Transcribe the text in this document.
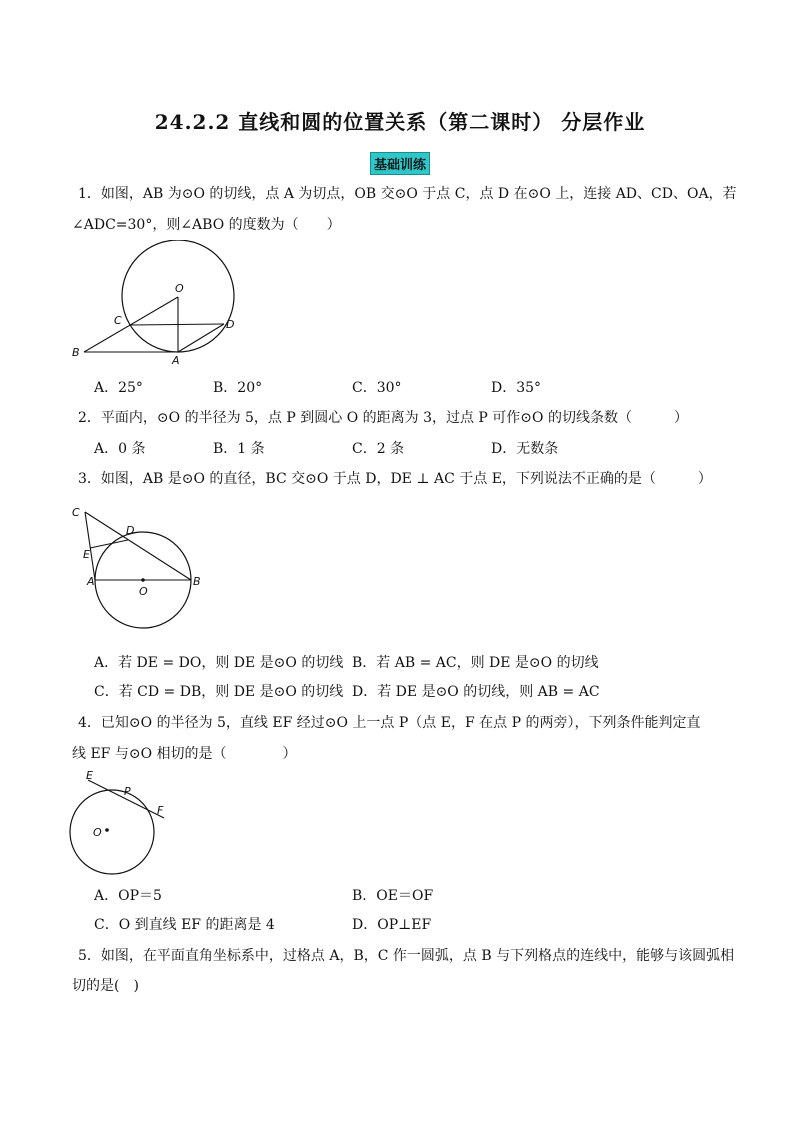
24.2.2 直线和圆的位置关系（第二课时） 分层作业
基础训练
1．如图，AB 为⊙O 的切线，点 A 为切点，OB 交⊙O 于点 C，点 D 在⊙O 上，连接 AD、CD、OA，若
∠ADC=30°，则∠ABO 的度数为（　　）
O
C	D
B
A
A．25°	B．20°	C．30°	D．35°
2．平面内，⊙O 的半径为 5，点 P 到圆心 O 的距离为 3，过点 P 可作⊙O 的切线条数（　　　）
A．0 条	B．1 条	C．2 条	D．无数条
3．如图，AB 是⊙O 的直径，BC 交⊙O 于点 D，DE ⊥ AC 于点 E，下列说法不正确的是（　　　）
C
D
E
A
O
B
A．若 DE = DO，则 DE 是⊙O 的切线 B．若 AB = AC，则 DE 是⊙O 的切线
C．若 CD = DB，则 DE 是⊙O 的切线 D．若 DE 是⊙O 的切线，则 AB = AC
4．已知⊙O 的半径为 5，直线 EF 经过⊙O 上一点 P（点 E，F 在点 P 的两旁），下列条件能判定直
线 EF 与⊙O 相切的是（　　　　）
E
P
F
O
A．OP＝5	B．OE＝OF
C．O 到直线 EF 的距离是 4	D．OP⊥EF
5．如图，在平面直角坐标系中，过格点 A，B，C 作一圆弧，点 B 与下列格点的连线中，能够与该圆弧相
切的是(　)
